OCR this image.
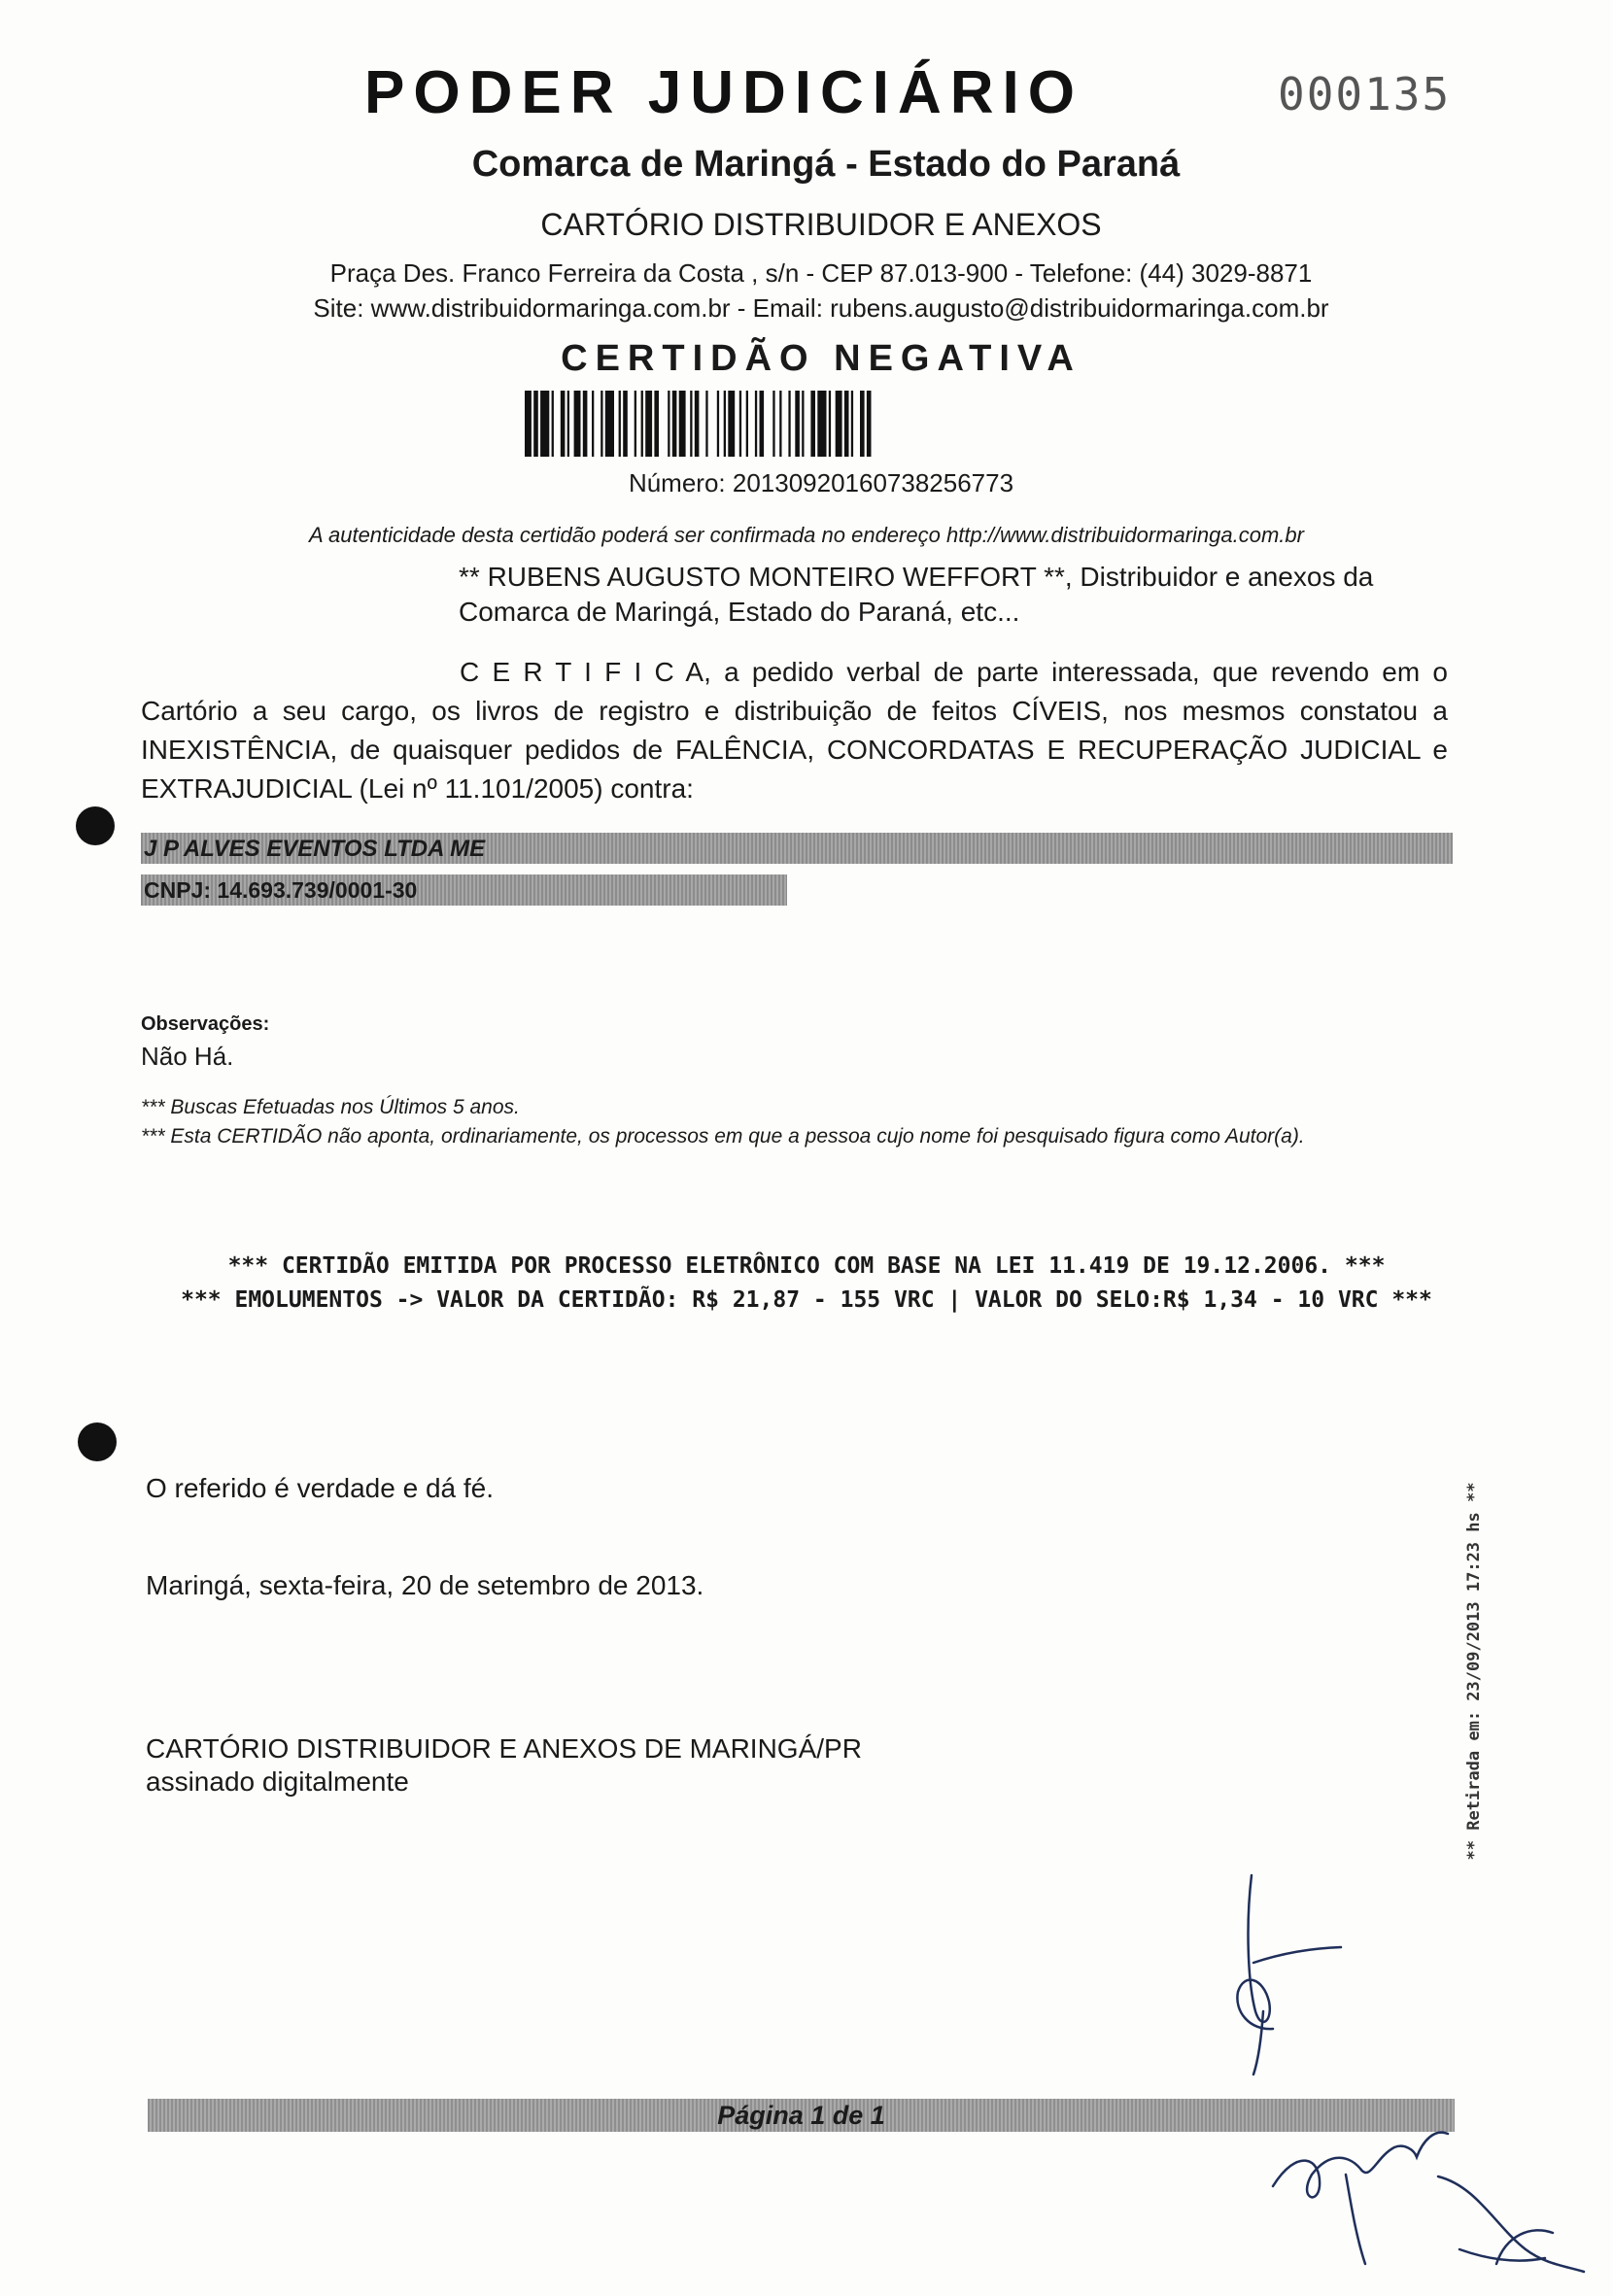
PODER JUDICIÁRIO	000135
Comarca de Maringá - Estado do Paraná
CARTÓRIO DISTRIBUIDOR E ANEXOS
Praça Des. Franco Ferreira da Costa , s/n - CEP 87.013-900 - Telefone: (44) 3029-8871
Site: www.distribuidormaringa.com.br - Email: rubens.augusto@distribuidormaringa.com.br
CERTIDÃO NEGATIVA
Número: 20130920160738256773
A autenticidade desta certidão poderá ser confirmada no endereço http://www.distribuidormaringa.com.br
** RUBENS AUGUSTO MONTEIRO WEFFORT **, Distribuidor e anexos da
Comarca de Maringá, Estado do Paraná, etc...
C E R T I F I C A, a pedido verbal de parte interessada, que revendo em o Cartório a seu cargo, os livros de registro e distribuição de feitos CÍVEIS, nos mesmos constatou a INEXISTÊNCIA, de quaisquer pedidos de FALÊNCIA, CONCORDATAS E RECUPERAÇÃO JUDICIAL e EXTRAJUDICIAL (Lei nº 11.101/2005) contra:
J P ALVES EVENTOS LTDA ME
CNPJ: 14.693.739/0001-30
Observações:
Não Há.
*** Buscas Efetuadas nos Últimos 5 anos.
*** Esta CERTIDÃO não aponta, ordinariamente, os processos em que a pessoa cujo nome foi pesquisado figura como Autor(a).
*** CERTIDÃO EMITIDA POR PROCESSO ELETRÔNICO COM BASE NA LEI 11.419 DE 19.12.2006. ***
*** EMOLUMENTOS -> VALOR DA CERTIDÃO: R$ 21,87 - 155 VRC | VALOR DO SELO:R$ 1,34 - 10 VRC ***
O referido é verdade e dá fé.
Maringá, sexta-feira, 20 de setembro de 2013.
CARTÓRIO DISTRIBUIDOR E ANEXOS DE MARINGÁ/PR
assinado digitalmente	** Retirada em: 23/09/2013 17:23 hs **
Página 1 de 1
